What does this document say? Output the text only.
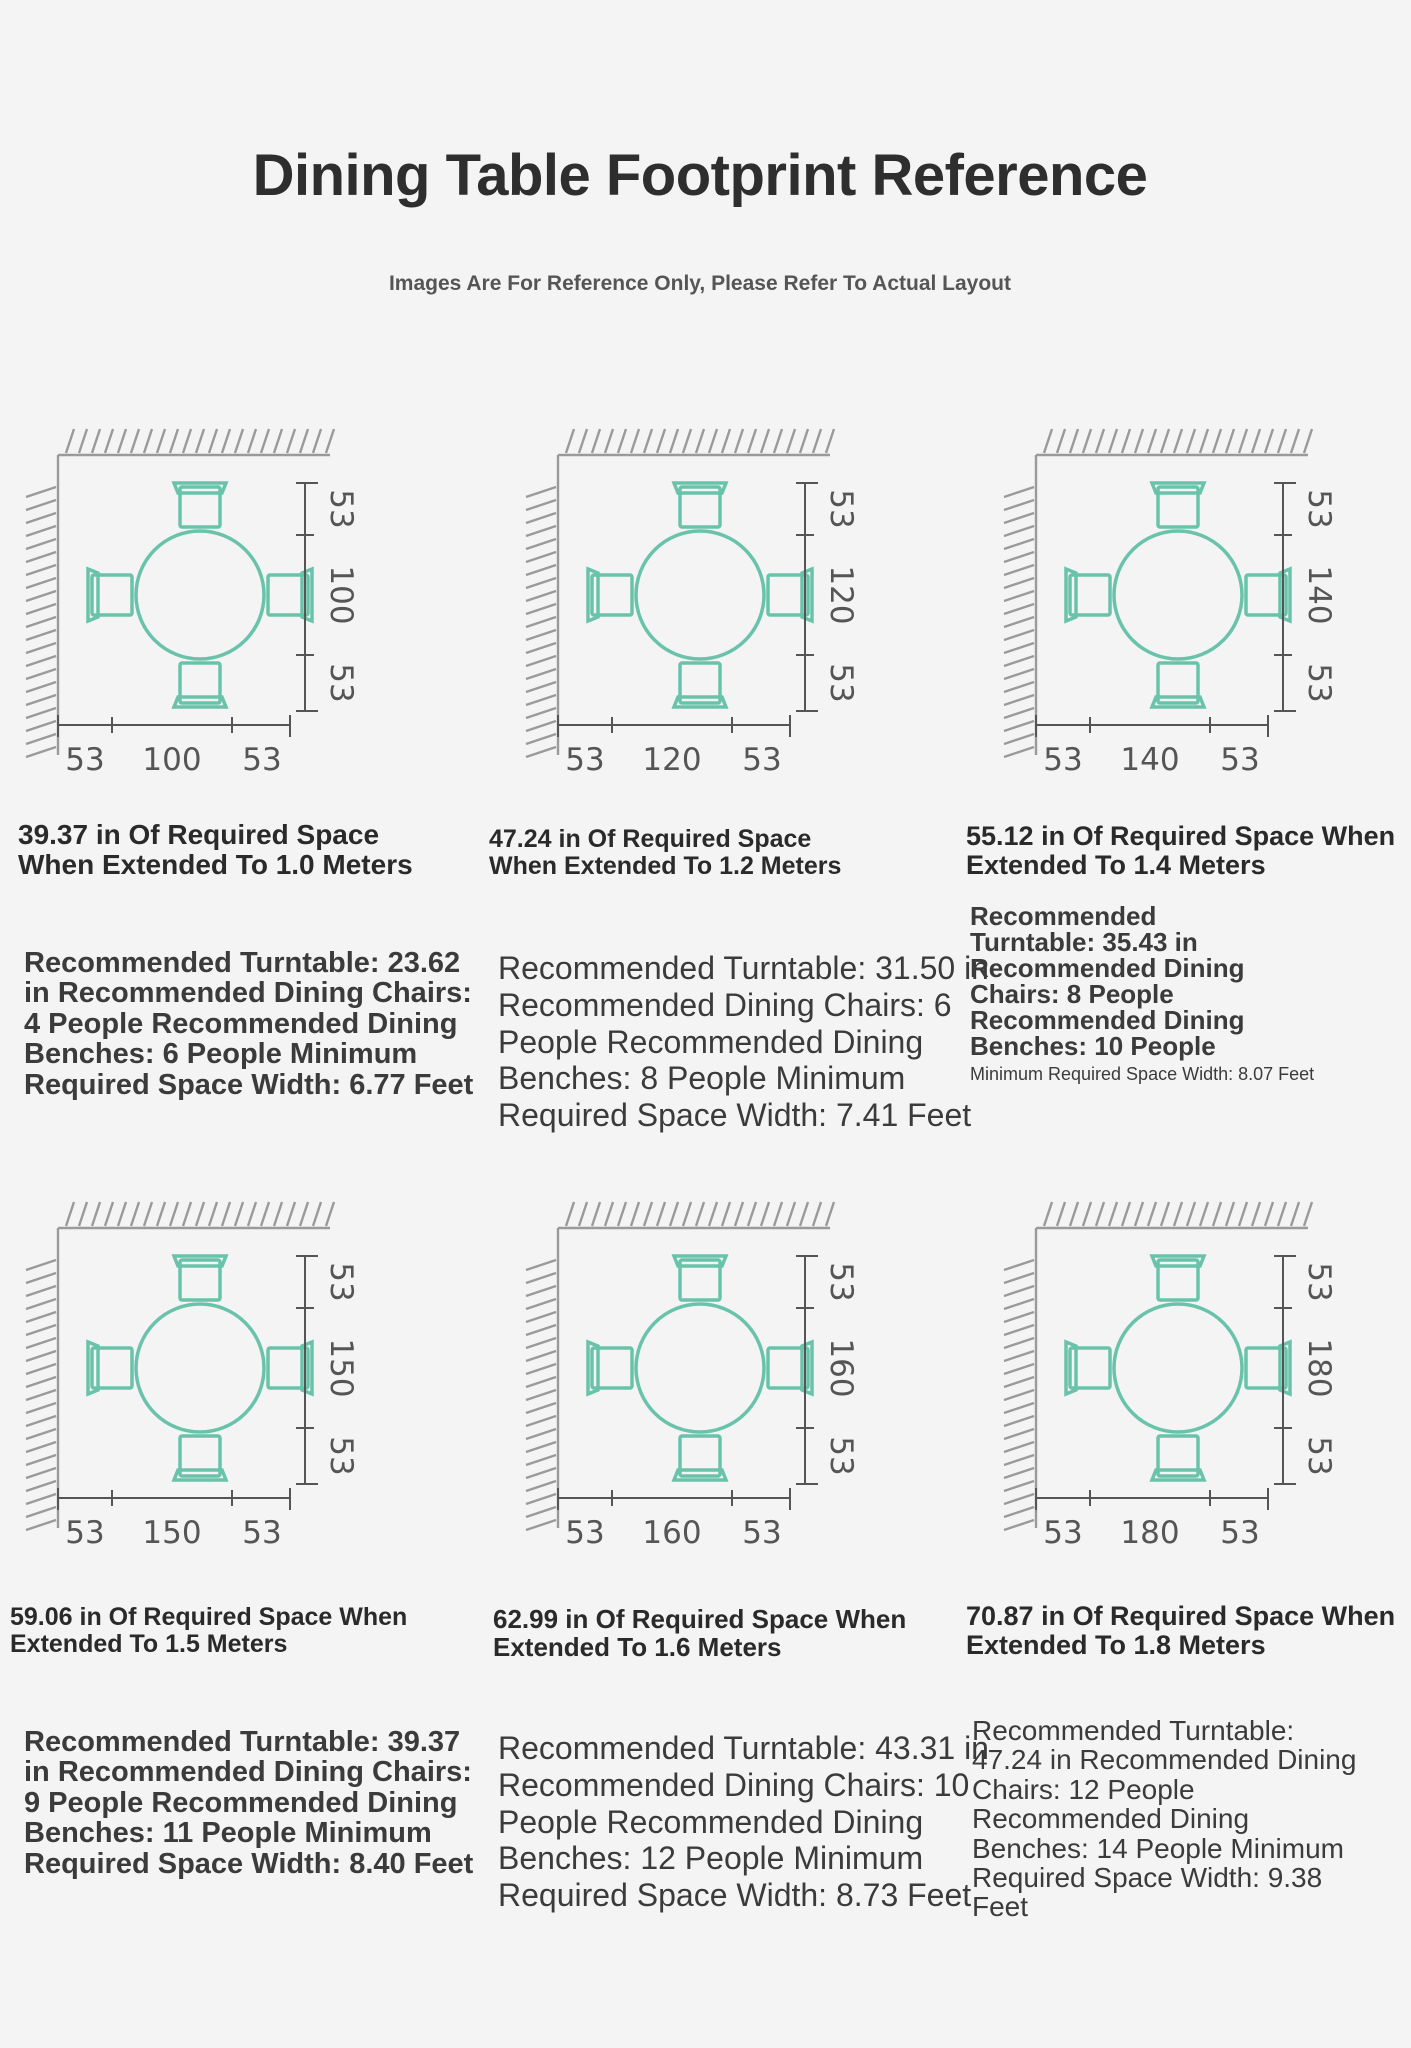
Dining Table Footprint Reference
Images Are For Reference Only, Please Refer To Actual Layout
53
100
53
53 100 53
53
120
53
53 120 53
53
140
53
53 140 53
39.37 in Of Required Space
When Extended To 1.0 Meters
47.24 in Of Required Space
When Extended To 1.2 Meters
55.12 in Of Required Space When
Extended To 1.4 Meters
Recommended Turntable: 23.62 in Recommended Dining Chairs: 4 People Recommended Dining Benches: 6 People Minimum Required Space Width: 6.77 Feet
Recommended Turntable: 31.50 in Recommended Dining Chairs: 6 People Recommended Dining Benches: 8 People Minimum Required Space Width: 7.41 Feet
Recommended Turntable: 35.43 in Recommended Dining Chairs: 8 People Recommended Dining Benches: 10 People
Minimum Required Space Width: 8.07 Feet
53
150
53
53 150 53
53
160
53
53 160 53
53
180
53
53 180 53
59.06 in Of Required Space When
Extended To 1.5 Meters
62.99 in Of Required Space When
Extended To 1.6 Meters
70.87 in Of Required Space When
Extended To 1.8 Meters
Recommended Turntable: 39.37 in Recommended Dining Chairs: 9 People Recommended Dining Benches: 11 People Minimum Required Space Width: 8.40 Feet
Recommended Turntable: 43.31 in Recommended Dining Chairs: 10 People Recommended Dining Benches: 12 People Minimum Required Space Width: 8.73 Feet
Recommended Turntable: 47.24 in Recommended Dining Chairs: 12 People Recommended Dining Benches: 14 People Minimum Required Space Width: 9.38 Feet
